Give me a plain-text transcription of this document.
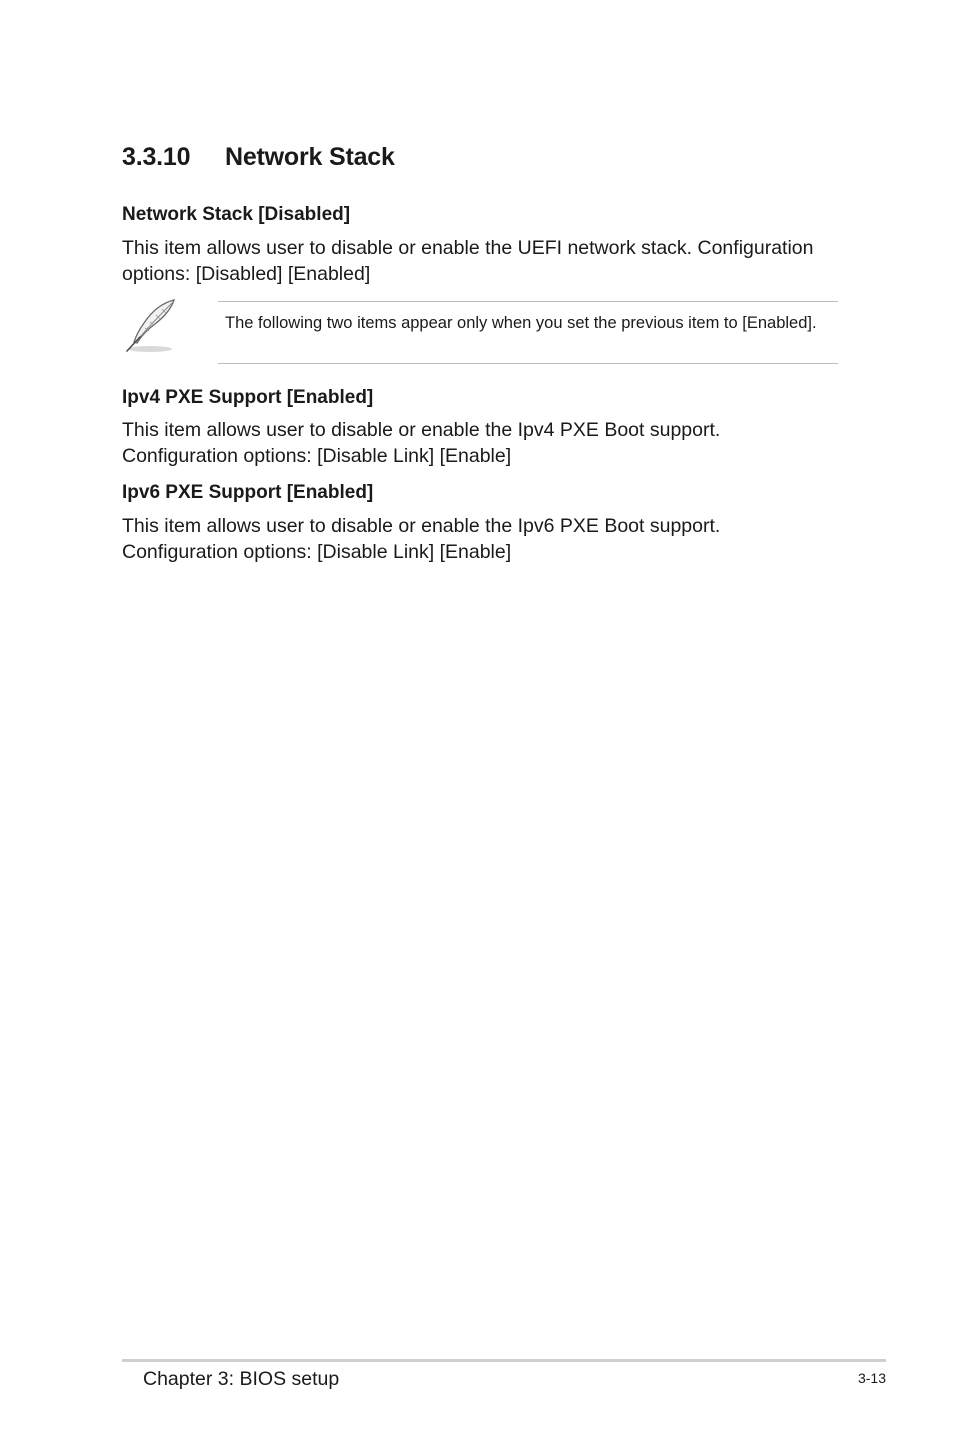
3.3.10 Network Stack
Network Stack [Disabled]

This item allows user to disable or enable the UEFI network stack. Configuration options: [Disabled] [Enabled]

The following two items appear only when you set the previous item to [Enabled].

Ipv4 PXE Support [Enabled]

This item allows user to disable or enable the Ipv4 PXE Boot support.
Configuration options: [Disable Link] [Enable]

Ipv6 PXE Support [Enabled]

This item allows user to disable or enable the Ipv6 PXE Boot support.
Configuration options: [Disable Link] [Enable]

Chapter 3: BIOS setup	3-13
